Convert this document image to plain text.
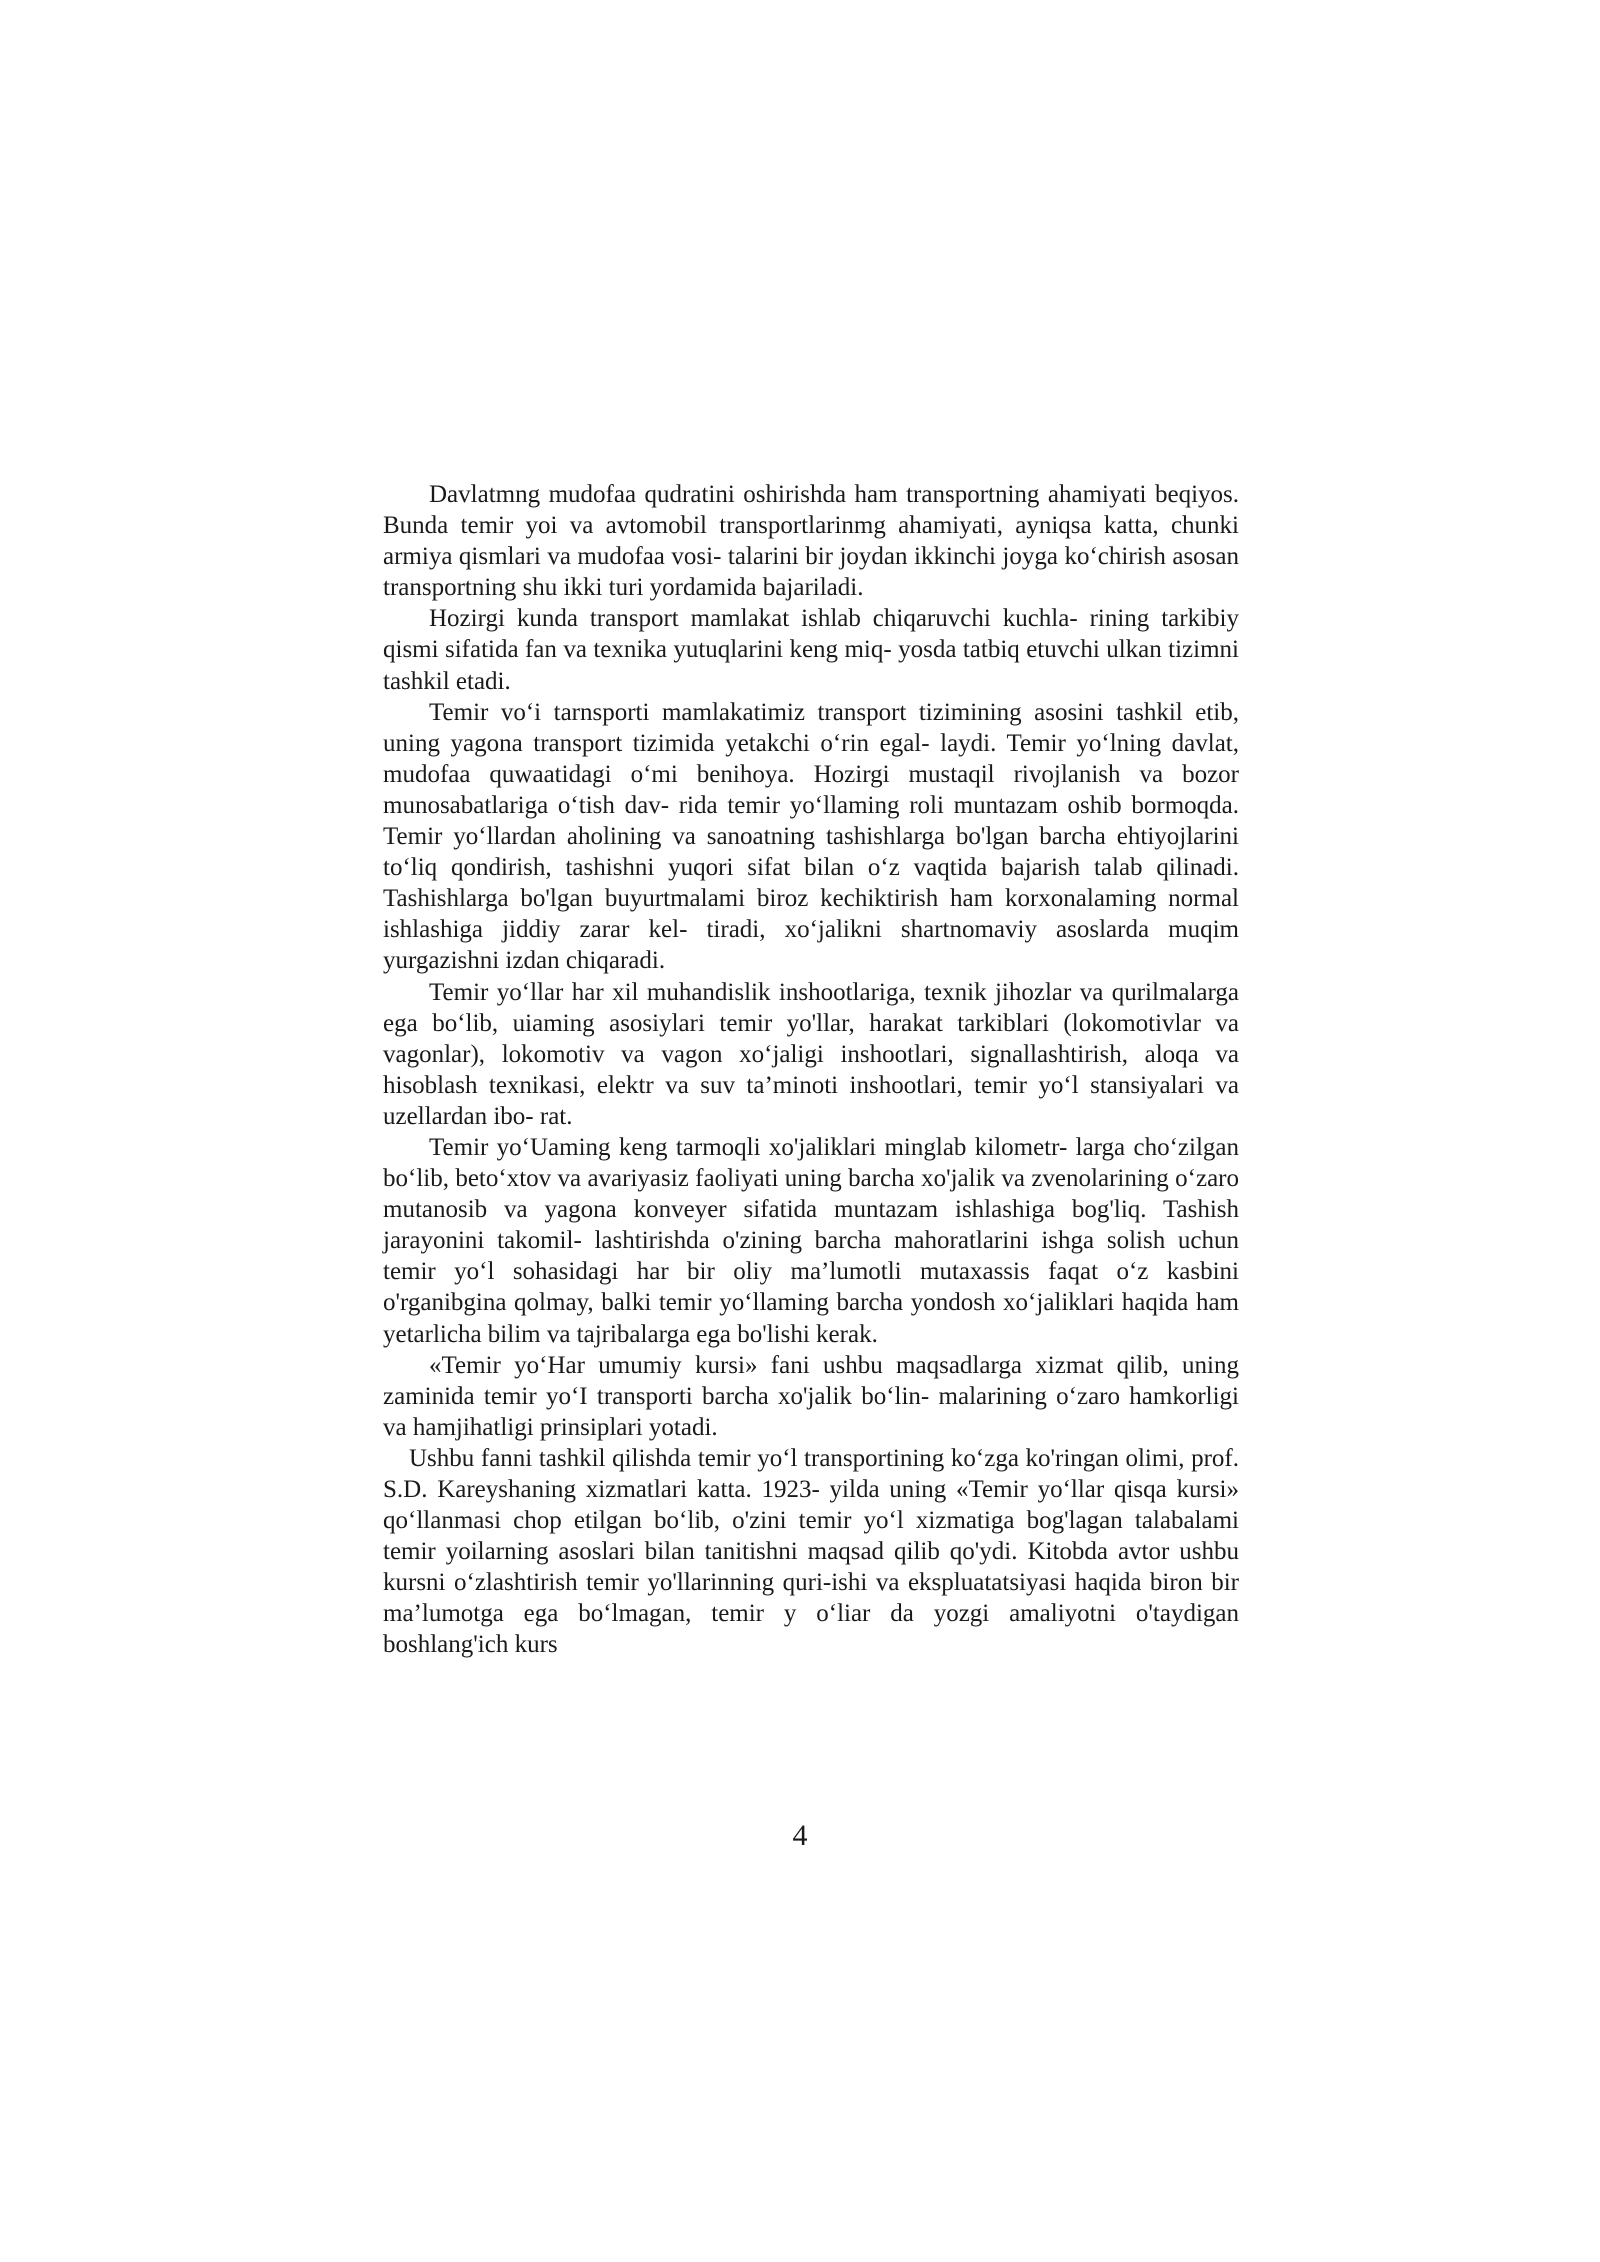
Davlatmng mudofaa qudratini oshirishda ham transportning ahamiyati beqiyos. Bunda temir yoi va avtomobil transportlarinmg ahamiyati, ayniqsa katta, chunki armiya qismlari va mudofaa vosi- talarini bir joydan ikkinchi joyga ko‘chirish asosan transportning shu ikki turi yordamida bajariladi.

Hozirgi kunda transport mamlakat ishlab chiqaruvchi kuchla- rining tarkibiy qismi sifatida fan va texnika yutuqlarini keng miq- yosda tatbiq etuvchi ulkan tizimni tashkil etadi.

Temir vo‘i tarnsporti mamlakatimiz transport tizimining asosini tashkil etib, uning yagona transport tizimida yetakchi o‘rin egal- laydi. Temir yo‘lning davlat, mudofaa quwaatidagi o‘mi benihoya. Hozirgi mustaqil rivojlanish va bozor munosabatlariga o‘tish dav- rida temir yo‘llaming roli muntazam oshib bormoqda. Temir yo‘llardan aholining va sanoatning tashishlarga bo'lgan barcha ehtiyojlarini to‘liq qondirish, tashishni yuqori sifat bilan o‘z vaqtida bajarish talab qilinadi. Tashishlarga bo'lgan buyurtmalami biroz kechiktirish ham korxonalaming normal ishlashiga jiddiy zarar kel- tiradi, xo‘jalikni shartnomaviy asoslarda muqim yurgazishni izdan chiqaradi.

Temir yo‘llar har xil muhandislik inshootlariga, texnik jihozlar va qurilmalarga ega bo‘lib, uiaming asosiylari temir yo'llar, harakat tarkiblari (lokomotivlar va vagonlar), lokomotiv va vagon xo‘jaligi inshootlari, signallashtirish, aloqa va hisoblash texnikasi, elektr va suv ta’minoti inshootlari, temir yo‘l stansiyalari va uzellardan ibo- rat.

Temir yo‘Uaming keng tarmoqli xo'jaliklari minglab kilometr- larga cho‘zilgan bo‘lib, beto‘xtov va avariyasiz faoliyati uning barcha xo'jalik va zvenolarining o‘zaro mutanosib va yagona konveyer sifatida muntazam ishlashiga bog'liq. Tashish jarayonini takomil- lashtirishda o'zining barcha mahoratlarini ishga solish uchun temir yo‘l sohasidagi har bir oliy ma’lumotli mutaxassis faqat o‘z kasbini o'rganibgina qolmay, balki temir yo‘llaming barcha yondosh xo‘jaliklari haqida ham yetarlicha bilim va tajribalarga ega bo'lishi kerak.

«Temir yo‘Har umumiy kursi» fani ushbu maqsadlarga xizmat qilib, uning zaminida temir yo‘I transporti barcha xo'jalik bo‘lin- malarining o‘zaro hamkorligi va hamjihatligi prinsiplari yotadi.

Ushbu fanni tashkil qilishda temir yo‘l transportining ko‘zga ko'ringan olimi, prof. S.D. Kareyshaning xizmatlari katta. 1923- yilda uning «Temir yo‘llar qisqa kursi» qo‘llanmasi chop etilgan bo‘lib, o'zini temir yo‘l xizmatiga bog'lagan talabalami temir yoilarning asoslari bilan tanitishni maqsad qilib qo'ydi. Kitobda avtor ushbu kursni o‘zlashtirish temir yo'llarinning quri-ishi va ekspluatatsiyasi haqida biron bir ma’lumotga ega bo‘lmagan, temir y o‘liar da yozgi amaliyotni o'taydigan boshlang'ich kurs

4
